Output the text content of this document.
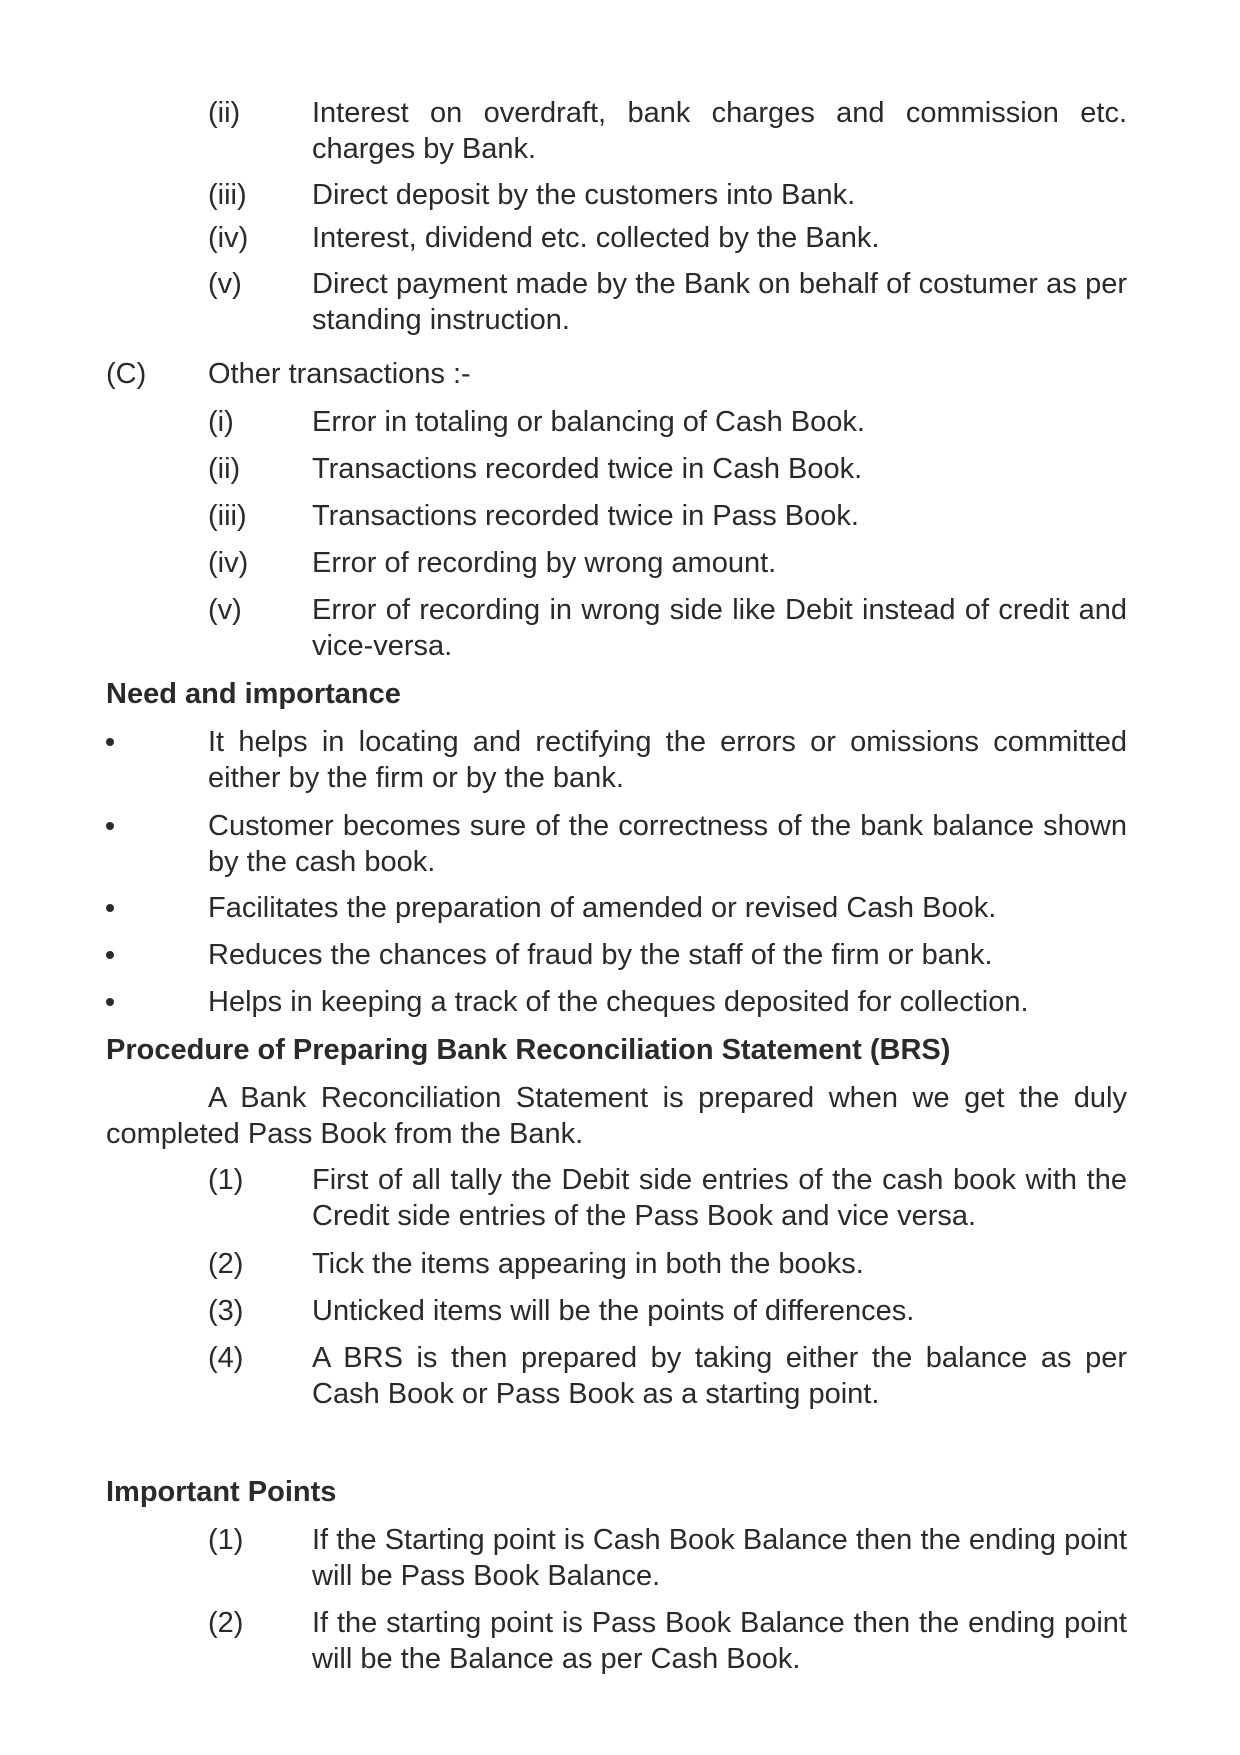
(ii) Interest on overdraft, bank charges and commission etc. charges by Bank.
(iii) Direct deposit by the customers into Bank.
(iv) Interest, dividend etc. collected by the Bank.
(v) Direct payment made by the Bank on behalf of costumer as per standing instruction.
(C) Other transactions :-
(i)	Error in totaling or balancing of Cash Book.
(ii) Transactions recorded twice in Cash Book.
(iii) Transactions recorded twice in Pass Book.
(iv) Error of recording by wrong amount.
(v) Error of recording in wrong side like Debit instead of credit and vice-versa.
Need and importance
It helps in locating and rectifying the errors or omissions committed either by the firm or by the bank.
Customer becomes sure of the correctness of the bank balance shown by the cash book.
Facilitates the preparation of amended or revised Cash Book.
Reduces the chances of fraud by the staff of the firm or bank.
Helps in keeping a track of the cheques deposited for collection.
Procedure of Preparing Bank Reconciliation Statement (BRS)
A Bank Reconciliation Statement is prepared when we get the duly completed Pass Book from the Bank.
(1) First of all tally the Debit side entries of the cash book with the Credit side entries of the Pass Book and vice versa.
(2) Tick the items appearing in both the books.
(3) Unticked items will be the points of differences.
(4) A BRS is then prepared by taking either the balance as per Cash Book or Pass Book as a starting point.
Important Points
(1) If the Starting point is Cash Book Balance then the ending point will be Pass Book Balance.
(2) If the starting point is Pass Book Balance then the ending point will be the Balance as per Cash Book.
